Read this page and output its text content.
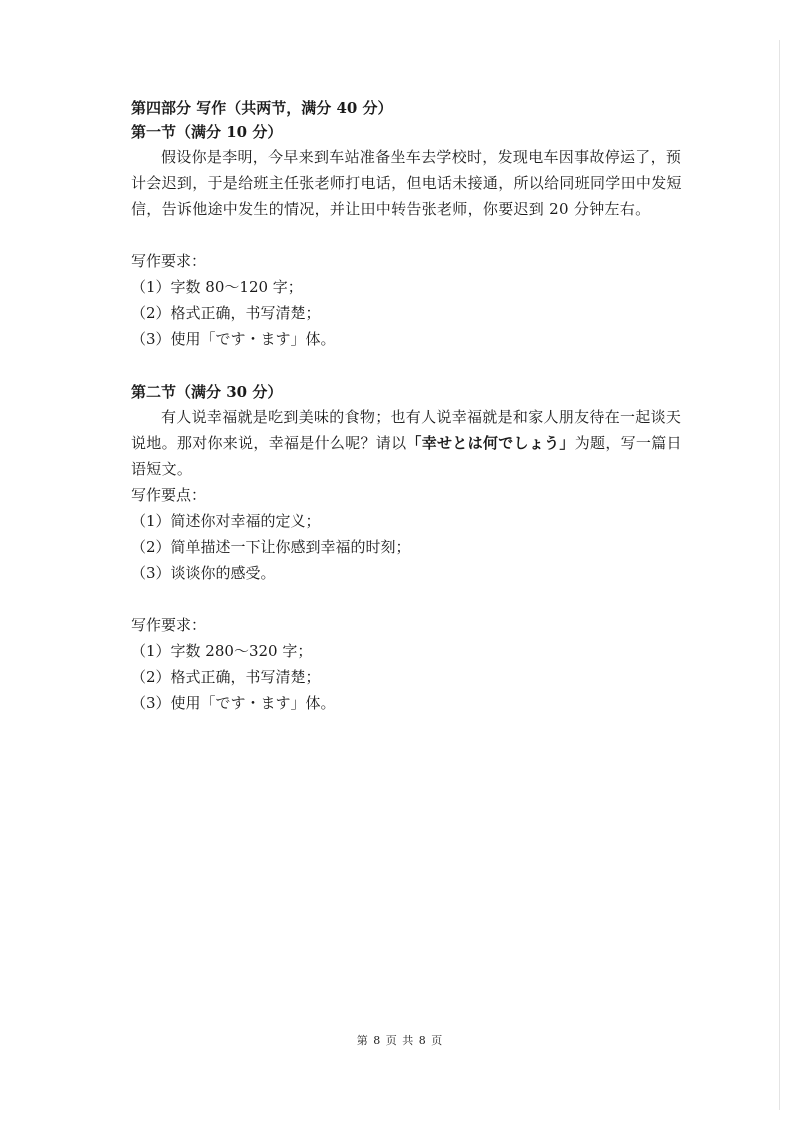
第四部分 写作（共两节，满分 40 分）

第一节（满分 10 分）

假设你是李明，今早来到车站准备坐车去学校时，发现电车因事故停运了，预计会迟到，于是给班主任张老师打电话，但电话未接通，所以给同班同学田中发短信，告诉他途中发生的情况，并让田中转告张老师，你要迟到 20 分钟左右。

写作要求：

（1）字数 80～120 字；

（2）格式正确，书写清楚；

（3）使用「です・ます」体。

第二节（满分 30 分）

有人说幸福就是吃到美味的食物；也有人说幸福就是和家人朋友待在一起谈天说地。那对你来说，幸福是什么呢？请以「幸せとは何でしょう」为题，写一篇日语短文。

写作要点：

（1）简述你对幸福的定义；

（2）简单描述一下让你感到幸福的时刻；

（3）谈谈你的感受。

写作要求：

（1）字数 280～320 字；

（2）格式正确，书写清楚；

（3）使用「です・ます」体。

第 8 页 共 8 页
